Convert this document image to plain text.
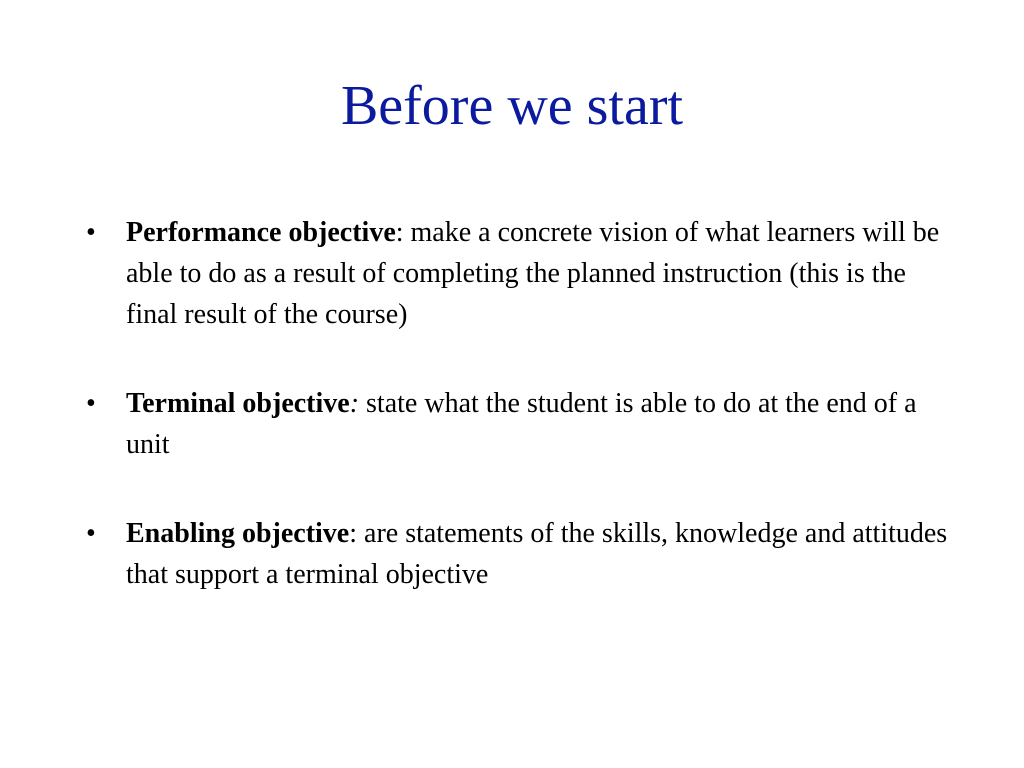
Before we start
•	Performance objective: make a concrete vision of what learners will be able to do as a result of completing the planned instruction (this is the final result of the course)
•	Terminal objective: state what the student is able to do at the end of a unit
•	Enabling objective: are statements of the skills, knowledge and attitudes that support a terminal objective
